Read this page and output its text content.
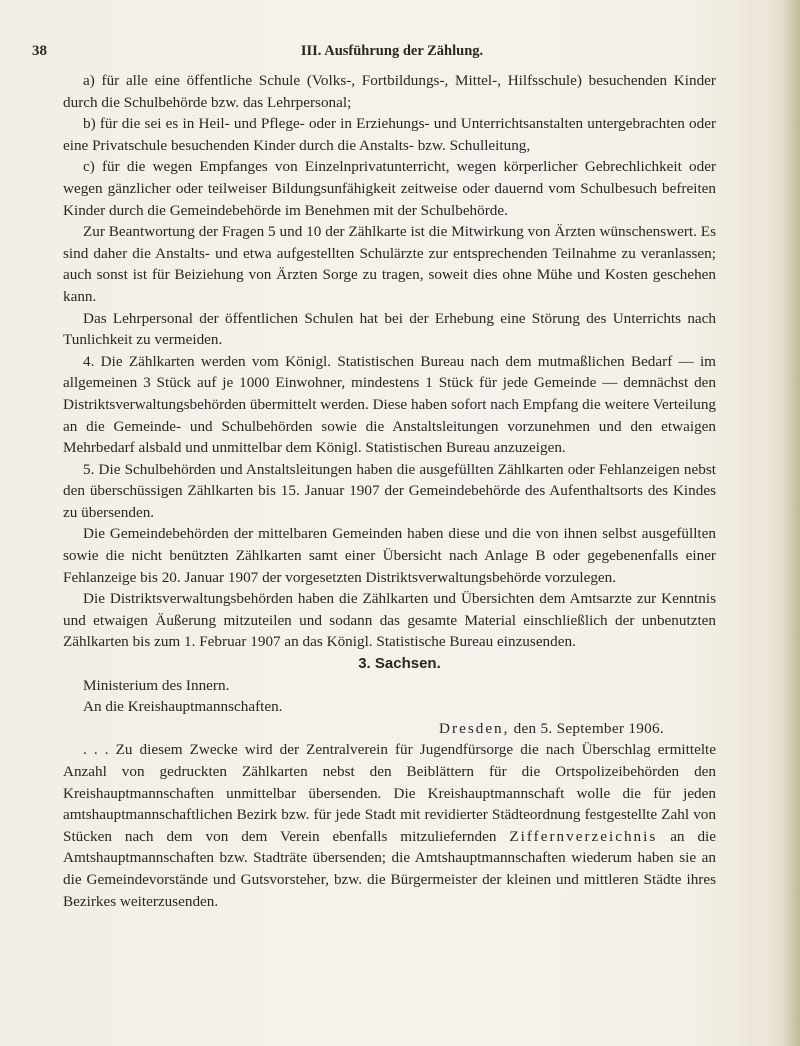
38	III. Ausführung der Zählung.

a) für alle eine öffentliche Schule (Volks-, Fortbildungs-, Mittel-, Hilfsschule) besuchenden Kinder durch die Schulbehörde bzw. das Lehrpersonal;

b) für die sei es in Heil- und Pflege- oder in Erziehungs- und Unterrichtsanstalten untergebrachten oder eine Privatschule besuchenden Kinder durch die Anstalts- bzw. Schulleitung,

c) für die wegen Empfanges von Einzelnprivatunterricht, wegen körperlicher Gebrechlichkeit oder wegen gänzlicher oder teilweiser Bildungsunfähigkeit zeitweise oder dauernd vom Schulbesuch befreiten Kinder durch die Gemeindebehörde im Benehmen mit der Schulbehörde.

Zur Beantwortung der Fragen 5 und 10 der Zählkarte ist die Mitwirkung von Ärzten wünschenswert. Es sind daher die Anstalts- und etwa aufgestellten Schulärzte zur entsprechenden Teilnahme zu veranlassen; auch sonst ist für Beiziehung von Ärzten Sorge zu tragen, soweit dies ohne Mühe und Kosten geschehen kann.

Das Lehrpersonal der öffentlichen Schulen hat bei der Erhebung eine Störung des Unterrichts nach Tunlichkeit zu vermeiden.

4. Die Zählkarten werden vom Königl. Statistischen Bureau nach dem mutmaßlichen Bedarf — im allgemeinen 3 Stück auf je 1000 Einwohner, mindestens 1 Stück für jede Gemeinde — demnächst den Distriktsverwaltungsbehörden übermittelt werden. Diese haben sofort nach Empfang die weitere Verteilung an die Gemeinde- und Schulbehörden sowie die Anstaltsleitungen vorzunehmen und den etwaigen Mehrbedarf alsbald und unmittelbar dem Königl. Statistischen Bureau anzuzeigen.

5. Die Schulbehörden und Anstaltsleitungen haben die ausgefüllten Zählkarten oder Fehlanzeigen nebst den überschüssigen Zählkarten bis 15. Januar 1907 der Gemeindebehörde des Aufenthaltsorts des Kindes zu übersenden.

Die Gemeindebehörden der mittelbaren Gemeinden haben diese und die von ihnen selbst ausgefüllten sowie die nicht benützten Zählkarten samt einer Übersicht nach Anlage B oder gegebenenfalls einer Fehlanzeige bis 20. Januar 1907 der vorgesetzten Distriktsverwaltungsbehörde vorzulegen.

Die Distriktsverwaltungsbehörden haben die Zählkarten und Übersichten dem Amtsarzte zur Kenntnis und etwaigen Äußerung mitzuteilen und sodann das gesamte Material einschließlich der unbenutzten Zählkarten bis zum 1. Februar 1907 an das Königl. Statistische Bureau einzusenden.

3. Sachsen.

Ministerium des Innern.

An die Kreishauptmannschaften.

Dresden, den 5. September 1906.

. . . Zu diesem Zwecke wird der Zentralverein für Jugendfürsorge die nach Überschlag ermittelte Anzahl von gedruckten Zählkarten nebst den Beiblättern für die Ortspolizeibehörden den Kreishauptmannschaften unmittelbar übersenden. Die Kreishauptmannschaft wolle die für jeden amtshauptmannschaftlichen Bezirk bzw. für jede Stadt mit revidierter Städteordnung festgestellte Zahl von Stücken nach dem von dem Verein ebenfalls mitzuliefernden Ziffernverzeichnis an die Amtshauptmannschaften bzw. Stadträte übersenden; die Amtshauptmannschaften wiederum haben sie an die Gemeindevorstände und Gutsvorsteher, bzw. die Bürgermeister der kleinen und mittleren Städte ihres Bezirkes weiterzusenden.
